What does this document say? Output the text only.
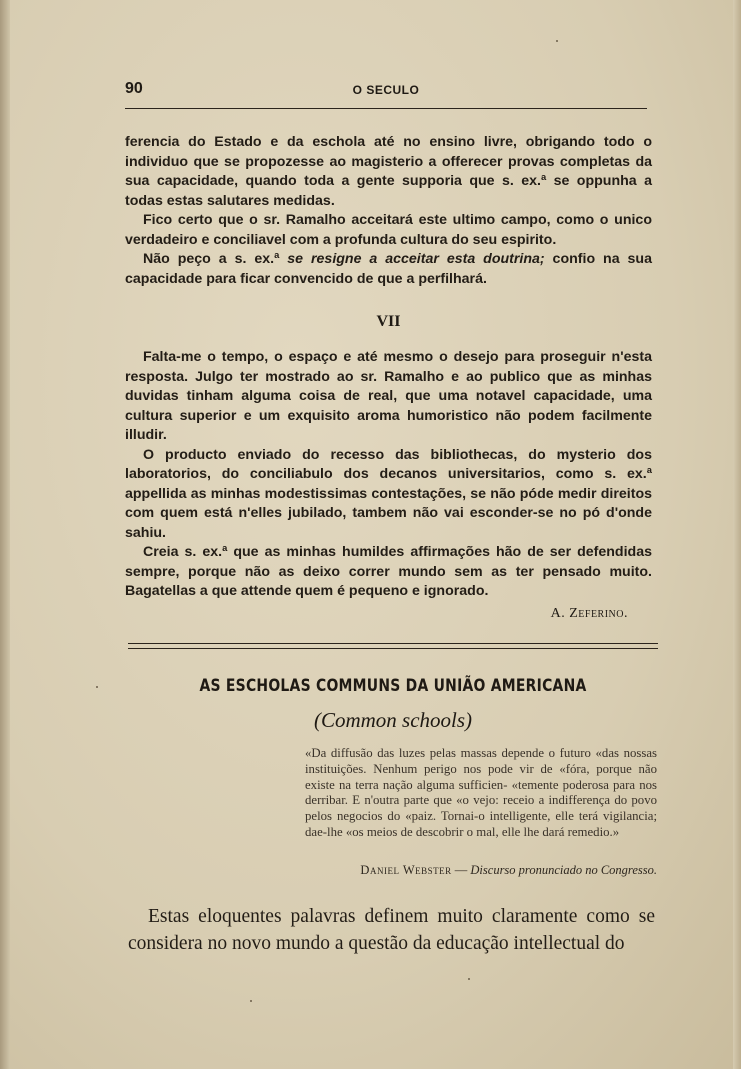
90	O SECULO

ferencia do Estado e da eschola até no ensino livre, obrigando todo o individuo que se propozesse ao magisterio a offerecer provas completas da sua capacidade, quando toda a gente supporia que s. ex.ª se oppunha a todas estas salutares medidas.

Fico certo que o sr. Ramalho acceitará este ultimo campo, como o unico verdadeiro e conciliavel com a profunda cultura do seu espirito.

Não peço a s. ex.ª se resigne a acceitar esta doutrina; confio na sua capacidade para ficar convencido de que a perfilhará.

VII

Falta-me o tempo, o espaço e até mesmo o desejo para proseguir n'esta resposta. Julgo ter mostrado ao sr. Ramalho e ao publico que as minhas duvidas tinham alguma coisa de real, que uma notavel capacidade, uma cultura superior e um exquisito aroma humoristico não podem facilmente illudir.

O producto enviado do recesso das bibliothecas, do mysterio dos laboratorios, do conciliabulo dos decanos universitarios, como s. ex.ª appellida as minhas modestissimas contestações, se não póde medir direitos com quem está n'elles jubilado, tambem não vai esconder-se no pó d'onde sahiu.

Creia s. ex.ª que as minhas humildes affirmações hão de ser defendidas sempre, porque não as deixo correr mundo sem as ter pensado muito. Bagatellas a que attende quem é pequeno e ignorado.

A. Zeferino.
AS ESCHOLAS COMMUNS DA UNIÃO AMERICANA
(Common schools)

«Da diffusão das luzes pelas massas depende o futuro «das nossas instituições. Nenhum perigo nos pode vir de «fóra, porque não existe na terra nação alguma sufficien- «temente poderosa para nos derribar. E n'outra parte que «o vejo: receio a indifferença do povo pelos negocios do «paiz. Tornai-o intelligente, elle terá vigilancia; dae-lhe «os meios de descobrir o mal, elle lhe dará remedio.»

Daniel Webster — Discurso pronunciado no Congresso.

Estas eloquentes palavras definem muito claramente como se considera no novo mundo a questão da educação intellectual do
